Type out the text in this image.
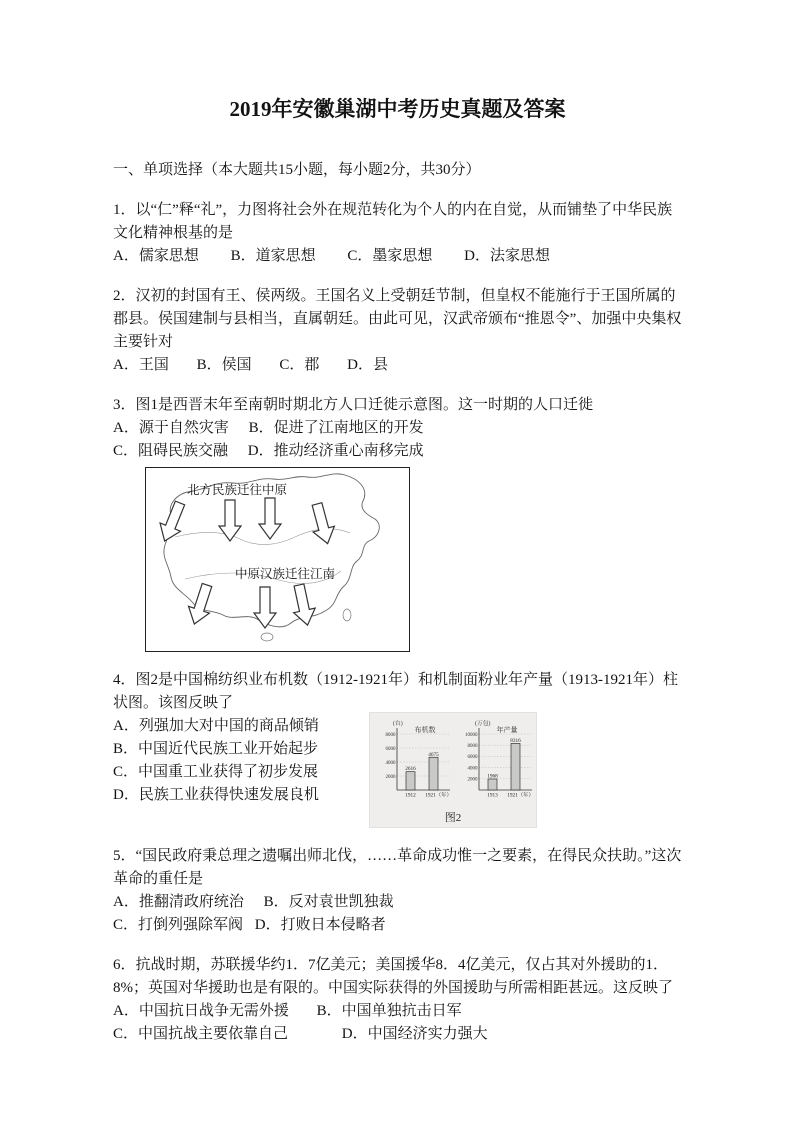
2019年安徽巢湖中考历史真题及答案

一、单项选择（本大题共15小题，每小题2分，共30分）

1．以“仁”释“礼”，力图将社会外在规范转化为个人的内在自觉，从而铺垫了中华民族文化精神根基的是

A．儒家思想 B．道家思想 C．墨家思想 D．法家思想

2．汉初的封国有王、侯两级。王国名义上受朝廷节制，但皇权不能施行于王国所属的郡县。侯国建制与县相当，直属朝廷。由此可见，汉武帝颁布“推恩令”、加强中央集权主要针对

A．王国 B．侯国 C．郡 D．县

3．图1是西晋末年至南朝时期北方人口迁徙示意图。这一时期的人口迁徙

A．源于自然灾害 B．促进了江南地区的开发

C．阻碍民族交融 D．推动经济重心南移完成

北方民族迁往中原
中原汉族迁往江南

4．图2是中国棉纺织业布机数（1912-1921年）和机制面粉业年产量（1913-1921年）柱状图。该图反映了

A．列强加大对中国的商品倾销

B．中国近代民族工业开始起步

C．中国重工业获得了初步发展

D．民族工业获得快速发展良机

(台)
布机数
2000
4000
6000
8000
2616
1912
4675
1921（年）
(万包)
年产量
2000
4000
6000
8000
10000
1968
1913
8316
1921（年）
图2

5．“国民政府秉总理之遗嘱出师北伐，……革命成功惟一之要素，在得民众扶助。”这次革命的重任是

A．推翻清政府统治 B．反对袁世凯独裁

C．打倒列强除军阀 D．打败日本侵略者

6．抗战时期，苏联援华约1．7亿美元；美国援华8．4亿美元，仅占其对外援助的1．8%；英国对华援助也是有限的。中国实际获得的外国援助与所需相距甚远。这反映了

A．中国抗日战争无需外援 B．中国单独抗击日军

C．中国抗战主要依靠自己	D．中国经济实力强大
